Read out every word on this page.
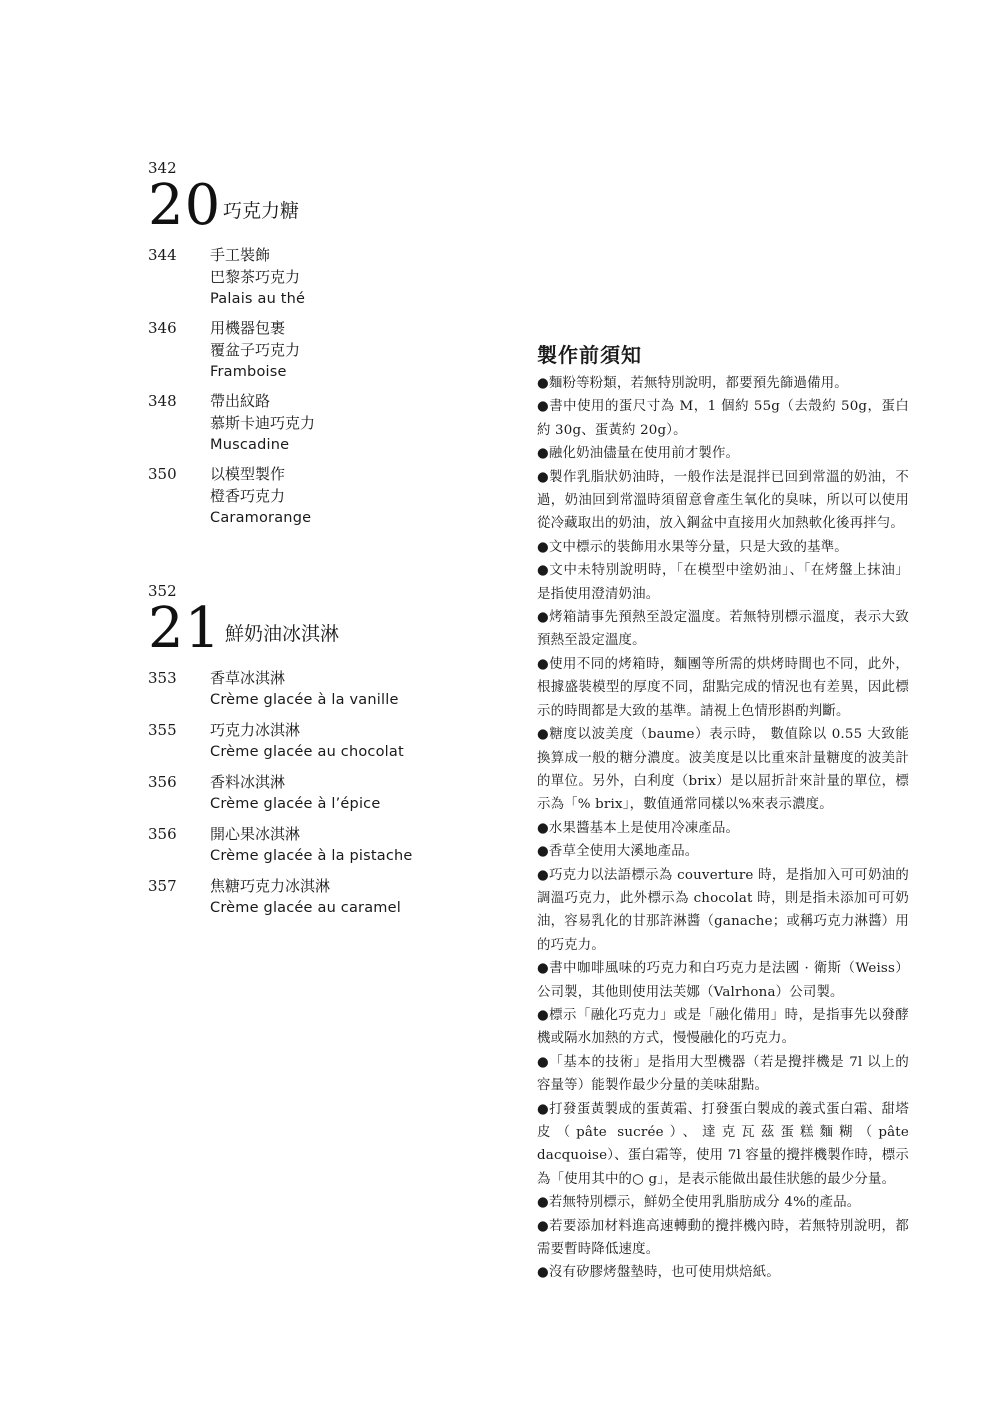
342

20 巧克力糖
344 手工裝飾
巴黎茶巧克力
Palais au thé
346 用機器包裹
覆盆子巧克力
Framboise
348 帶出紋路
慕斯卡迪巧克力
Muscadine
350 以模型製作
橙香巧克力
Caramorange

352

21 鮮奶油冰淇淋
353 香草冰淇淋
Crème glacée à la vanille
355 巧克力冰淇淋
Crème glacée au chocolat
356 香料冰淇淋
Crème glacée à l’épice
356 開心果冰淇淋
Crème glacée à la pistache
357 焦糖巧克力冰淇淋
Crème glacée au caramel
製作前須知
●麵粉等粉類，若無特別說明，都要預先篩過備用。
●書中使用的蛋尺寸為 M，1 個約 55g（去殼約 50g，蛋白約 30g、蛋黃約 20g）。
●融化奶油儘量在使用前才製作。
●製作乳脂狀奶油時，一般作法是混拌已回到常溫的奶油，不過，奶油回到常溫時須留意會產生氧化的臭味，所以可以使用從冷藏取出的奶油，放入鋼盆中直接用火加熱軟化後再拌勻。
●文中標示的裝飾用水果等分量，只是大致的基準。
●文中未特別說明時，「在模型中塗奶油」、「在烤盤上抹油」是指使用澄清奶油。
●烤箱請事先預熱至設定溫度。若無特別標示溫度，表示大致預熱至設定溫度。
●使用不同的烤箱時，麵團等所需的烘烤時間也不同，此外，根據盛裝模型的厚度不同，甜點完成的情況也有差異，因此標示的時間都是大致的基準。請視上色情形斟酌判斷。
●糖度以波美度（baume）表示時， 數值除以 0.55 大致能換算成一般的糖分濃度。波美度是以比重來計量糖度的波美計的單位。另外，白利度（brix）是以屈折計來計量的單位，標示為「% brix」，數值通常同樣以%來表示濃度。
●水果醬基本上是使用冷凍產品。
●香草全使用大溪地產品。
●巧克力以法語標示為 couverture 時，是指加入可可奶油的調溫巧克力，此外標示為 chocolat 時，則是指未添加可可奶油，容易乳化的甘那許淋醬（ganache；或稱巧克力淋醬）用的巧克力。
●書中咖啡風味的巧克力和白巧克力是法國 · 衛斯（Weiss）公司製，其他則使用法芙娜（Valrhona）公司製。
●標示「融化巧克力」或是「融化備用」時，是指事先以發酵機或隔水加熱的方式，慢慢融化的巧克力。
●「基本的技術」是指用大型機器（若是攪拌機是 7l 以上的容量等）能製作最少分量的美味甜點。
●打發蛋黃製成的蛋黃霜、打發蛋白製成的義式蛋白霜、甜塔皮（pâte sucrée）、達克瓦茲蛋糕麵糊（pâte dacquoise）、蛋白霜等，使用 7l 容量的攪拌機製作時，標示為「使用其中的○ g」，是表示能做出最佳狀態的最少分量。
●若無特別標示，鮮奶全使用乳脂肪成分 4%的產品。
●若要添加材料進高速轉動的攪拌機內時，若無特別說明，都需要暫時降低速度。
●沒有矽膠烤盤墊時，也可使用烘焙紙。
